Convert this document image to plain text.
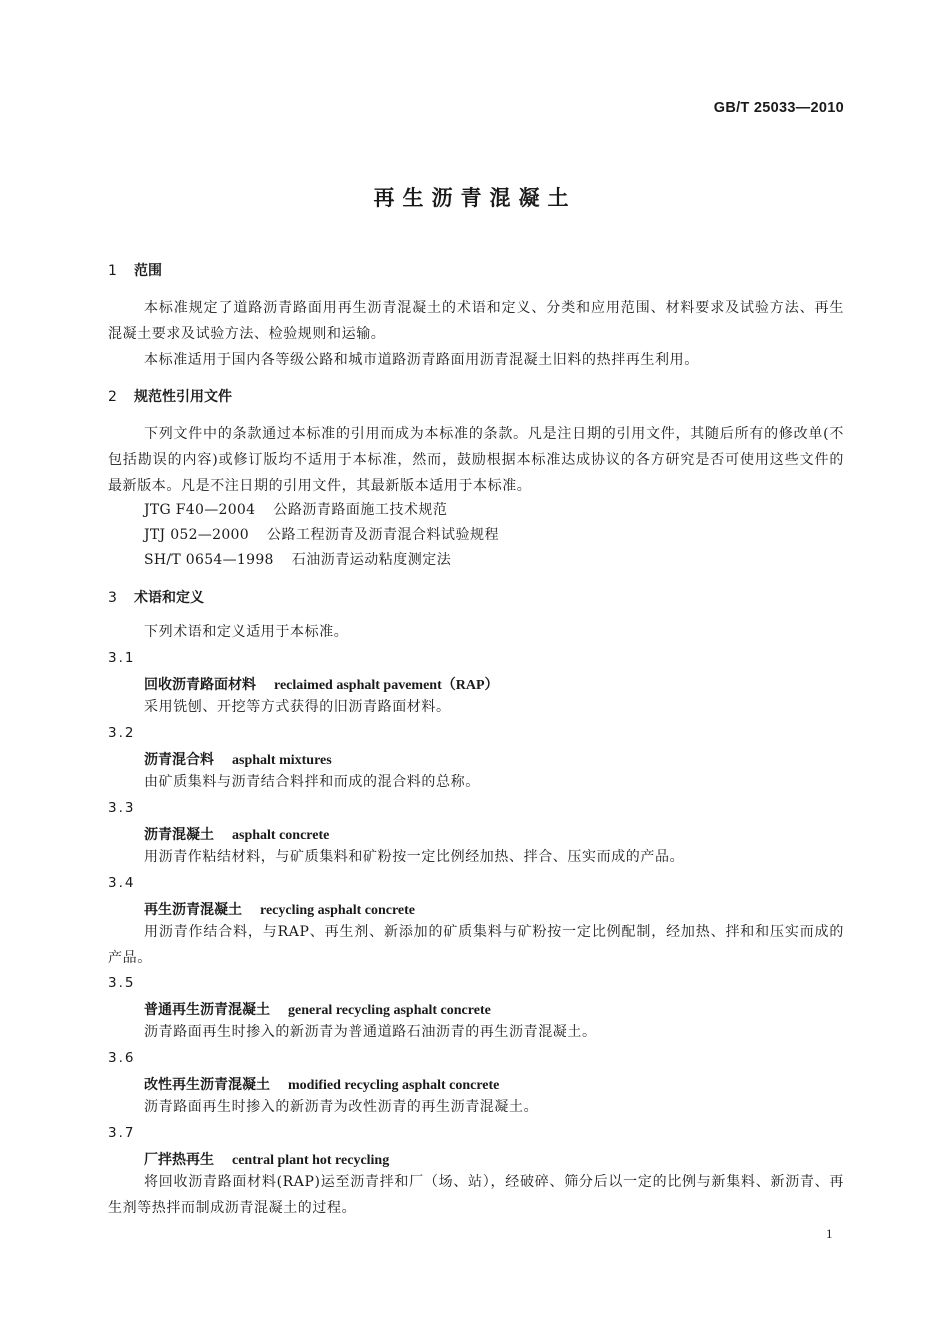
GB/T 25033—2010
再生沥青混凝土
1 范围
本标准规定了道路沥青路面用再生沥青混凝土的术语和定义、分类和应用范围、材料要求及试验方法、再生混凝土要求及试验方法、检验规则和运输。
本标准适用于国内各等级公路和城市道路沥青路面用沥青混凝土旧料的热拌再生利用。
2 规范性引用文件
下列文件中的条款通过本标准的引用而成为本标准的条款。凡是注日期的引用文件，其随后所有的修改单(不包括勘误的内容)或修订版均不适用于本标准，然而，鼓励根据本标准达成协议的各方研究是否可使用这些文件的最新版本。凡是不注日期的引用文件，其最新版本适用于本标准。
JTG F40—2004 公路沥青路面施工技术规范
JTJ 052—2000 公路工程沥青及沥青混合料试验规程
SH/T 0654—1998 石油沥青运动粘度测定法
3 术语和定义
下列术语和定义适用于本标准。
3.1
回收沥青路面材料 reclaimed asphalt pavement（RAP）
采用铣刨、开挖等方式获得的旧沥青路面材料。
3.2
沥青混合料 asphalt mixtures
由矿质集料与沥青结合料拌和而成的混合料的总称。
3.3
沥青混凝土 asphalt concrete
用沥青作粘结材料，与矿质集料和矿粉按一定比例经加热、拌合、压实而成的产品。
3.4
再生沥青混凝土 recycling asphalt concrete
用沥青作结合料，与RAP、再生剂、新添加的矿质集料与矿粉按一定比例配制，经加热、拌和和压实而成的产品。
3.5
普通再生沥青混凝土 general recycling asphalt concrete
沥青路面再生时掺入的新沥青为普通道路石油沥青的再生沥青混凝土。
3.6
改性再生沥青混凝土 modified recycling asphalt concrete
沥青路面再生时掺入的新沥青为改性沥青的再生沥青混凝土。
3.7
厂拌热再生 central plant hot recycling
将回收沥青路面材料(RAP)运至沥青拌和厂（场、站），经破碎、筛分后以一定的比例与新集料、新沥青、再生剂等热拌而制成沥青混凝土的过程。
1
